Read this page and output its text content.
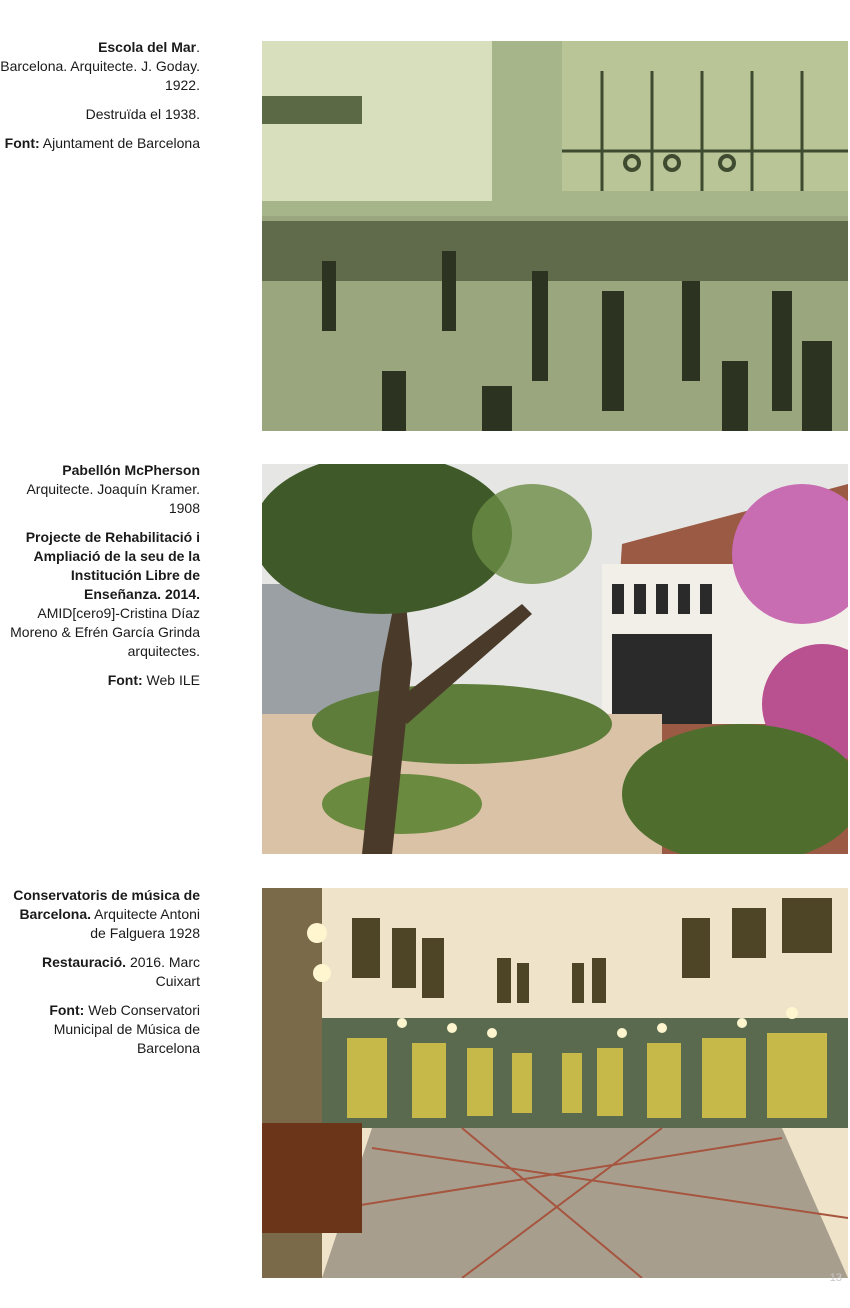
Escola del Mar.
Barcelona. Arquitecte. J. Goday. 1922.

Destruïda el 1938.

Font: Ajuntament de Barcelona

Pabellón McPherson
Arquitecte. Joaquín Kramer. 1908

Projecte de Rehabilitació i Ampliació de la seu de la Institución Libre de Enseñanza. 2014.
AMID[cero9]-Cristina Díaz Moreno & Efrén García Grinda arquitectes.

Font: Web ILE

Conservatoris de música de Barcelona. Arquitecte Antoni de Falguera 1928

Restauració. 2016. Marc Cuixart

Font: Web Conservatori Municipal de Música de Barcelona

13
